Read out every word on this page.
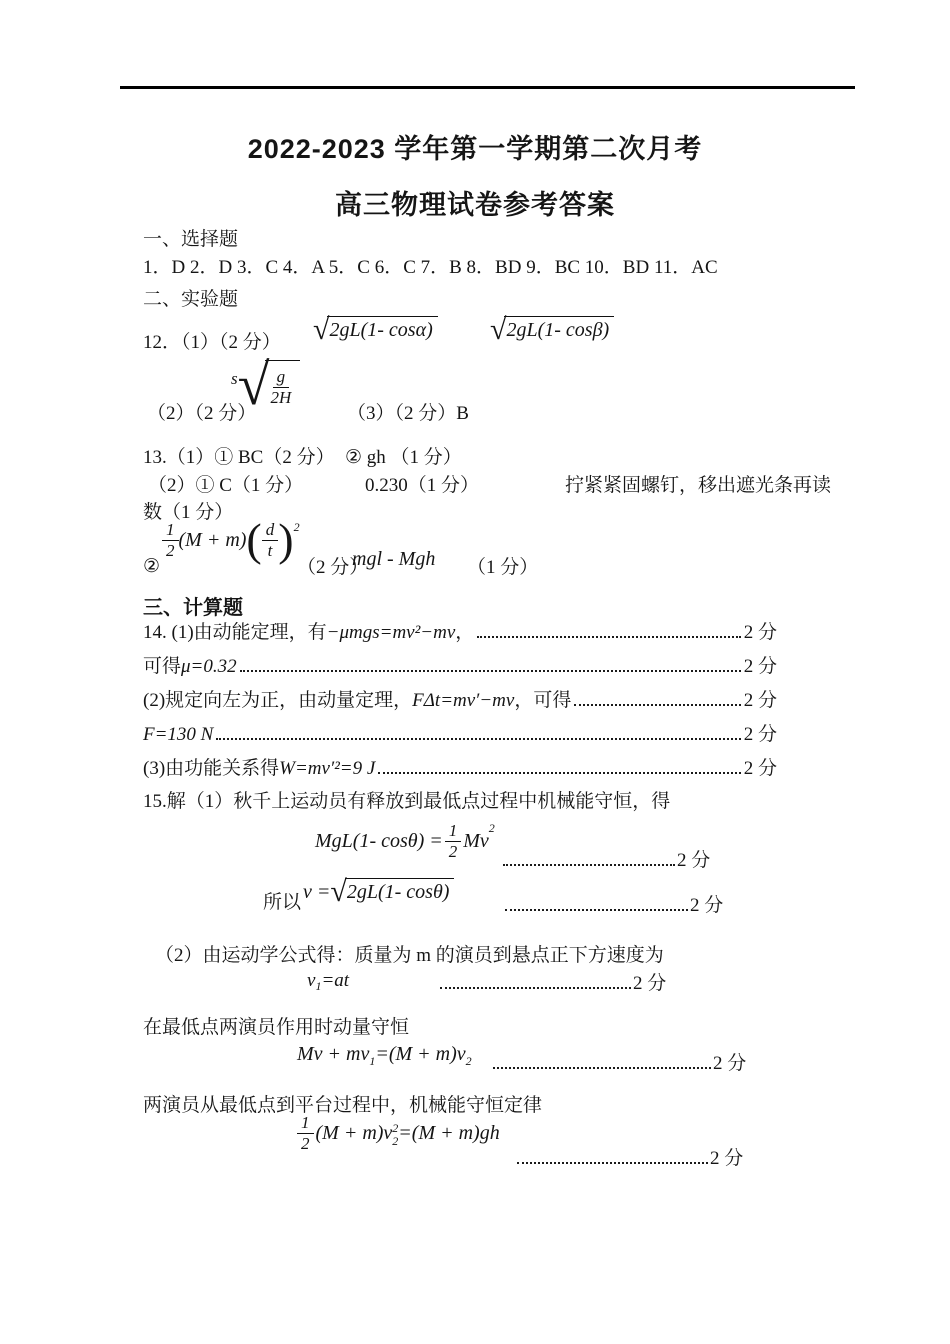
2022-2023 学年第一学期第二次月考
高三物理试卷参考答案
一、选择题
1．D 2．D 3．C 4．A 5．C 6．C 7．B 8．BD 9．BC 10．BD 11．AC
二、实验题
12．（1）（2 分） √ 2gL(1- cosα) √ 2gL(1- cosβ)
（2）（2 分）
s √ $\frac{g}{2H}$
（3）（2 分）B
13.（1）① BC（2 分） ② gh （1 分）
（2）① C（1 分）	0.230（1 分）	拧紧紧固螺钉，移出遮光条再读
数（1 分）
②
$\frac{1}{2} (M + m)$ ( $\frac{d}{t} )^2$
（2 分）
mgl - Mgh （1 分）
三、计算题
14. (1)由动能定理，有 −μmgs=mv²−mv ，	2 分
可得 μ=0.32	2 分
(2)规定向左为正，由动量定理， FΔt=mv′−mv ，可得	2 分
F=130 N	2 分
(3)由功能关系得 W=mv′²=9 J	2 分
15.解（1）秋千上运动员有释放到最低点过程中机械能守恒，得
MgL(1- $\cos\theta) = \frac{1}{2}$ Mv
$^2$
2 分
所以 v = √ 2gL(1- cosθ)
2 分
（2）由运动学公式得：质量为 m 的演员到悬点正下方速度为
$v_1 =at$	2 分
在最低点两演员作用时动量守恒
$Mv + mv_1 =(M + m)v_2$	2 分
两演员从最低点到平台过程中，机械能守恒定律
$\frac{1}{2} (M + m)v$ 2
2 =(M + m)gh
2 分
